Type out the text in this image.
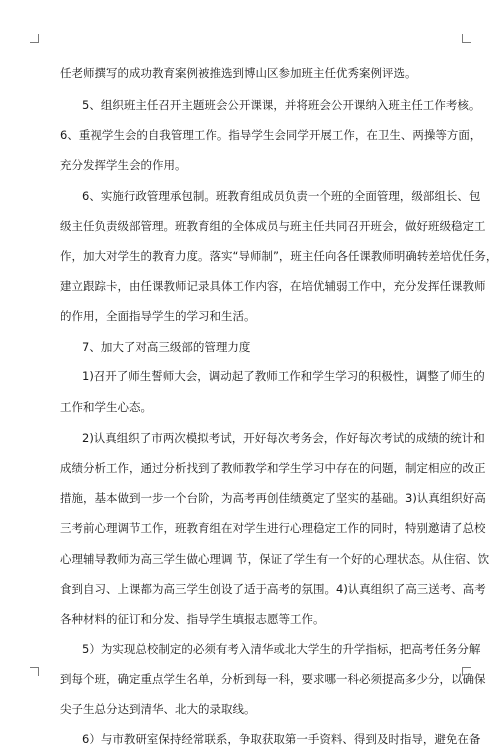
任老师撰写的成功教育案例被推选到博山区参加班主任优秀案例评选。
5、组织班主任召开主题班会公开课课，并将班会公开课纳入班主任工作考核。
6、重视学生会的自我管理工作。指导学生会同学开展工作，在卫生、两操等方面，
充分发挥学生会的作用。
6、实施行政管理承包制。班教育组成员负责一个班的全面管理，级部组长、包
级主任负责级部管理。班教育组的全体成员与班主任共同召开班会，做好班级稳定工
作，加大对学生的教育力度。落实“导师制”，班主任向各任课教师明确转差培优任务，
建立跟踪卡，由任课教师记录具体工作内容，在培优辅弱工作中，充分发挥任课教师
的作用，全面指导学生的学习和生活。
7、加大了对高三级部的管理力度
1)召开了师生誓师大会，调动起了教师工作和学生学习的积极性，调整了师生的
工作和学生心态。
2)认真组织了市两次模拟考试，开好每次考务会，作好每次考试的成绩的统计和
成绩分析工作，通过分析找到了教师教学和学生学习中存在的问题，制定相应的改正
措施，基本做到一步一个台阶，为高考再创佳绩奠定了坚实的基础。3)认真组织好高
三考前心理调节工作，班教育组在对学生进行心理稳定工作的同时，特别邀请了总校
心理辅导教师为高三学生做心理调 节，保证了学生有一个好的心理状态。从住宿、饮
食到自习、上课都为高三学生创设了适于高考的氛围。4)认真组织了高三送考、高考
各种材料的征订和分发、指导学生填报志愿等工作。
5）为实现总校制定的必须有考入清华或北大学生的升学指标，把高考任务分解
到每个班，确定重点学生名单，分析到每一科，要求哪一科必须提高多少分，以确保
尖子生总分达到清华、北大的录取线。
6）与市教研室保持经常联系，争取获取第一手资料、得到及时指导，避免在备
